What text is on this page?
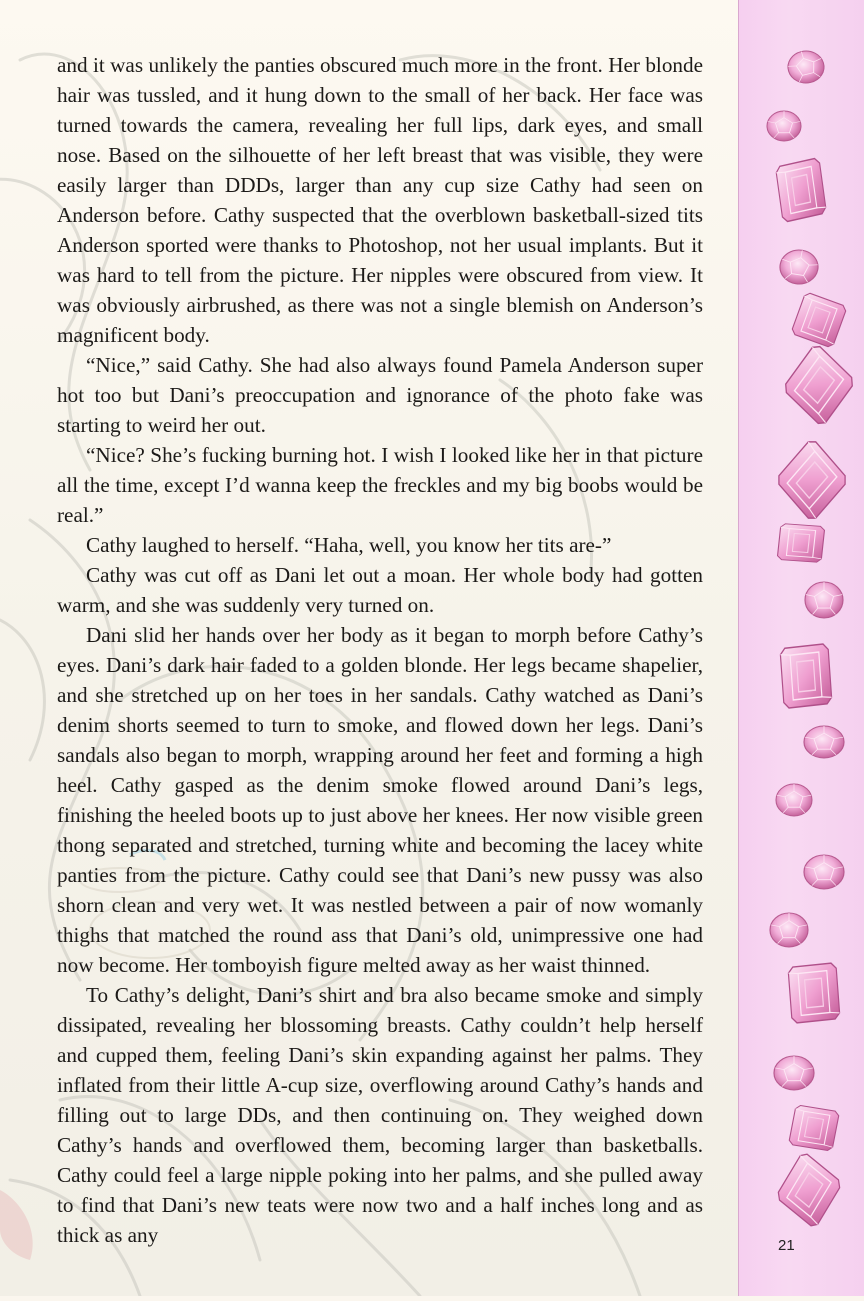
and it was unlikely the panties obscured much more in the front. Her blonde hair was tussled, and it hung down to the small of her back. Her face was turned towards the camera, revealing her full lips, dark eyes, and small nose. Based on the silhouette of her left breast that was visible, they were easily larger than DDDs, larger than any cup size Cathy had seen on Anderson before. Cathy suspected that the overblown basketball-sized tits Anderson sported were thanks to Photoshop, not her usual implants. But it was hard to tell from the picture. Her nipples were obscured from view. It was obviously airbrushed, as there was not a single blemish on Anderson’s magnificent body.

“Nice,” said Cathy. She had also always found Pamela Anderson super hot too but Dani’s preoccupation and ignorance of the photo fake was starting to weird her out.

“Nice? She’s fucking burning hot. I wish I looked like her in that picture all the time, except I’d wanna keep the freckles and my big boobs would be real.”

Cathy laughed to herself. “Haha, well, you know her tits are-”

Cathy was cut off as Dani let out a moan. Her whole body had gotten warm, and she was suddenly very turned on.

Dani slid her hands over her body as it began to morph before Cathy’s eyes. Dani’s dark hair faded to a golden blonde. Her legs became shapelier, and she stretched up on her toes in her sandals. Cathy watched as Dani’s denim shorts seemed to turn to smoke, and flowed down her legs. Dani’s sandals also began to morph, wrapping around her feet and forming a high heel. Cathy gasped as the denim smoke flowed around Dani’s legs, finishing the heeled boots up to just above her knees. Her now visible green thong separated and stretched, turning white and becoming the lacey white panties from the picture. Cathy could see that Dani’s new pussy was also shorn clean and very wet. It was nestled between a pair of now womanly thighs that matched the round ass that Dani’s old, unimpressive one had now become. Her tomboyish figure melted away as her waist thinned.

To Cathy’s delight, Dani’s shirt and bra also became smoke and simply dissipated, revealing her blossoming breasts. Cathy couldn’t help herself and cupped them, feeling Dani’s skin expanding against her palms. They inflated from their little A-cup size, overflowing around Cathy’s hands and filling out to large DDs, and then continuing on. They weighed down Cathy’s hands and overflowed them, becoming larger than basketballs. Cathy could feel a large nipple poking into her palms, and she pulled away to find that Dani’s new teats were now two and a half inches long and as thick as any	21
